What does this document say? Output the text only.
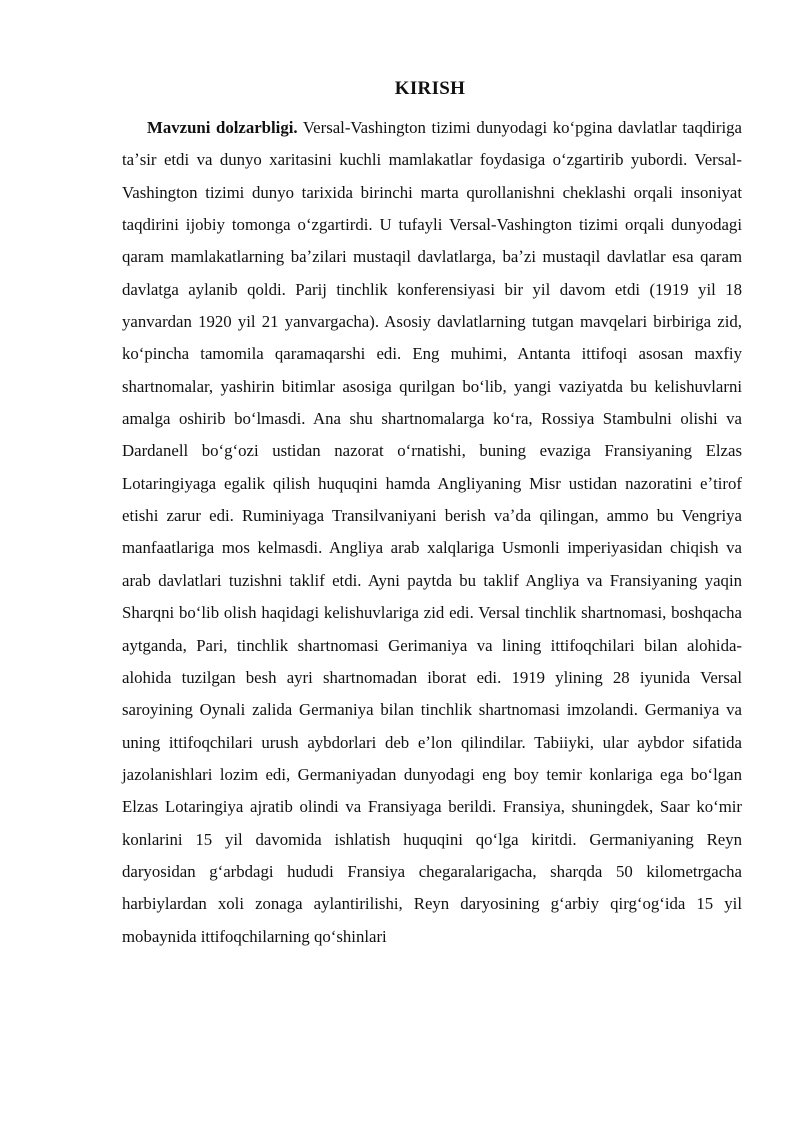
KIRISH

Mavzuni dolzarbligi. Versal-Vashington tizimi dunyodagi koʻpgina davlatlar taqdiriga taʼsir etdi va dunyo xaritasini kuchli mamlakatlar foydasiga oʻzgartirib yubordi. Versal-Vashington tizimi dunyo tarixida birinchi marta qurollanishni cheklashi orqali insoniyat taqdirini ijobiy tomonga oʻzgartirdi. U tufayli Versal-Vashington tizimi orqali dunyodagi qaram mamlakatlarning baʼzilari mustaqil davlatlarga, baʼzi mustaqil davlatlar esa qaram davlatga aylanib qoldi. Parij tinchlik konferensiyasi bir yil davom etdi (1919 yil 18 yanvardan 1920 yil 21 yanvargacha). Asosiy davlatlarning tutgan mavqelari birbiriga zid, koʻpincha tamomila qaramaqarshi edi. Eng muhimi, Antanta ittifoqi asosan maxfiy shartnomalar, yashirin bitimlar asosiga qurilgan boʻlib, yangi vaziyatda bu kelishuvlarni amalga oshirib boʻlmasdi. Ana shu shartnomalarga koʻra, Rossiya Stambulni olishi va Dardanell boʻgʻozi ustidan nazorat oʻrnatishi, buning evaziga Fransiyaning Elzas Lotaringiyaga egalik qilish huquqini hamda Angliyaning Misr ustidan nazoratini eʼtirof etishi zarur edi. Ruminiyaga Transilvaniyani berish vaʼda qilingan, ammo bu Vengriya manfaatlariga mos kelmasdi. Angliya arab xalqlariga Usmonli imperiyasidan chiqish va arab davlatlari tuzishni taklif etdi. Ayni paytda bu taklif Angliya va Fransiyaning yaqin Sharqni boʻlib olish haqidagi kelishuvlariga zid edi. Versal tinchlik shartnomasi, boshqacha aytganda, Pari, tinchlik shartnomasi Gerimaniya va lining ittifoqchilari bilan alohida-alohida tuzilgan besh ayri shartnomadan iborat edi. 1919 ylining 28 iyunida Versal saroyining Oynali zalida Germaniya bilan tinchlik shartnomasi imzolandi. Germaniya va uning ittifoqchilari urush aybdorlari deb eʼlon qilindilar. Tabiiyki, ular aybdor sifatida jazolanishlari lozim edi, Germaniyadan dunyodagi eng boy temir konlariga ega boʻlgan Elzas Lotaringiya ajratib olindi va Fransiyaga berildi. Fransiya, shuningdek, Saar koʻmir konlarini 15 yil davomida ishlatish huquqini qoʻlga kiritdi. Germaniyaning Reyn daryosidan gʻarbdagi hududi Fransiya chegaralarigacha, sharqda 50 kilometrgacha harbiylardan xoli zonaga aylantirilishi, Reyn daryosining gʻarbiy qirgʻogʻida 15 yil mobaynida ittifoqchilarning qoʻshinlari
